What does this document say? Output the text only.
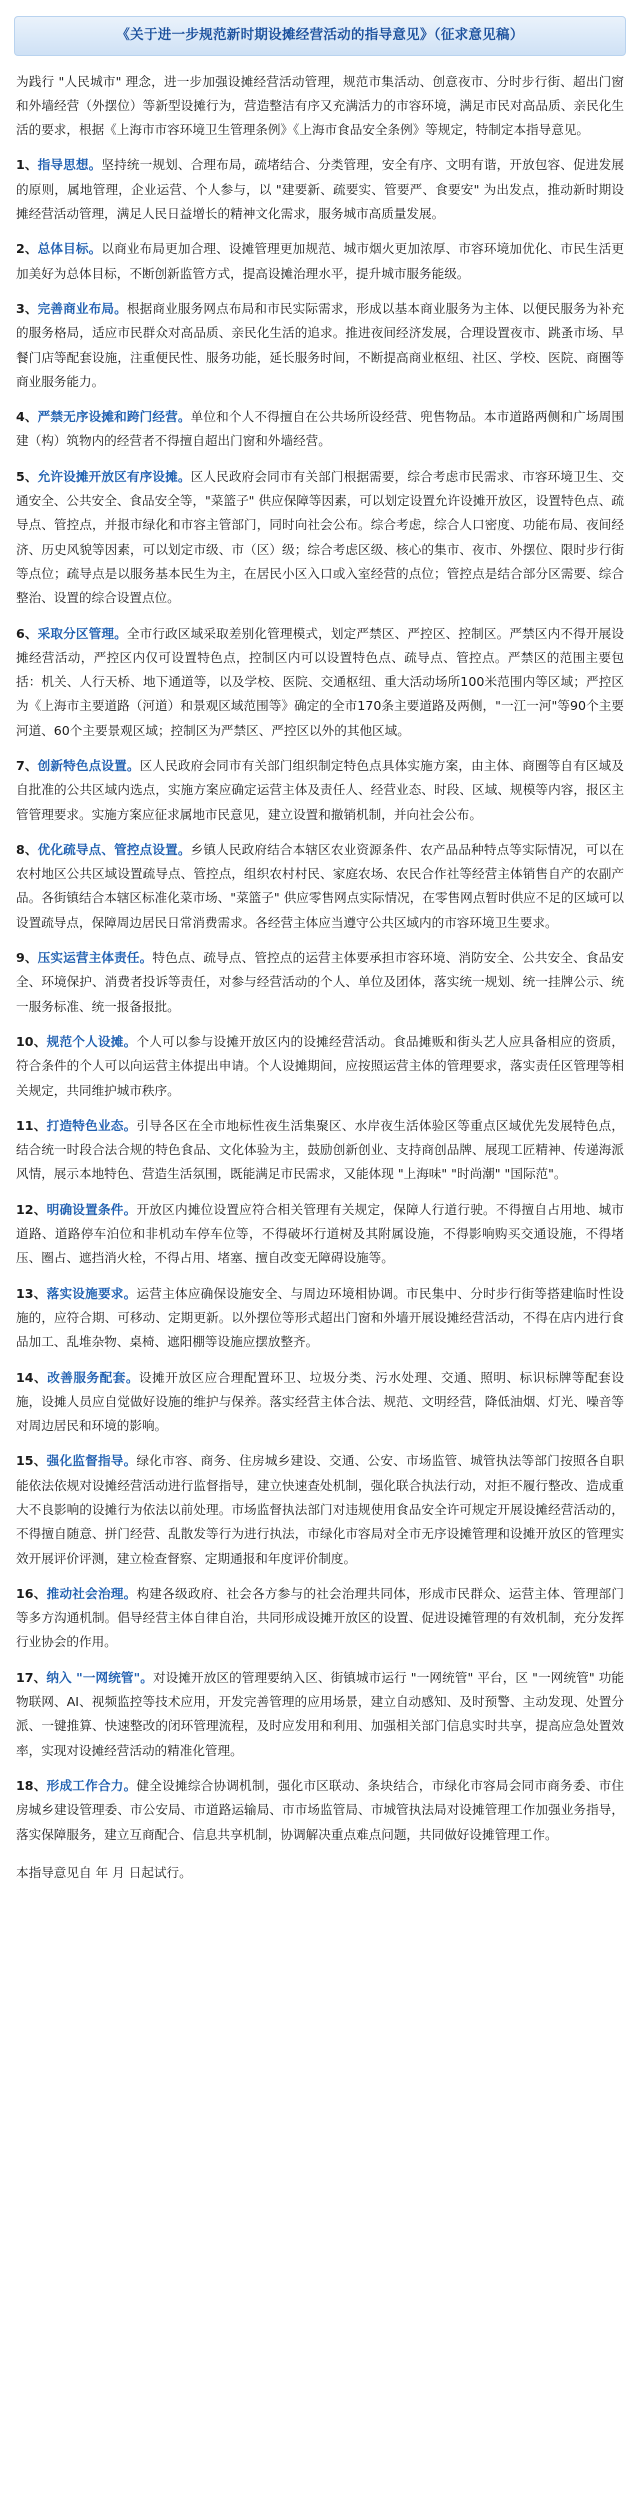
《关于进一步规范新时期设摊经营活动的指导意见》（征求意见稿）

为践行 "人民城市" 理念，进一步加强设摊经营活动管理，规范市集活动、创意夜市、分时步行街、超出门窗和外墙经营（外摆位）等新型设摊行为，营造整洁有序又充满活力的市容环境，满足市民对高品质、亲民化生活的要求，根据《上海市市容环境卫生管理条例》《上海市食品安全条例》等规定，特制定本指导意见。

1、指导思想。坚持统一规划、合理布局，疏堵结合、分类管理，安全有序、文明有谐，开放包容、促进发展的原则，属地管理，企业运营、个人参与，以 "建要新、疏要实、管要严、食要安" 为出发点，推动新时期设摊经营活动管理，满足人民日益增长的精神文化需求，服务城市高质量发展。

2、总体目标。以商业布局更加合理、设摊管理更加规范、城市烟火更加浓厚、市容环境加优化、市民生活更加美好为总体目标，不断创新监管方式，提高设摊治理水平，提升城市服务能级。

3、完善商业布局。根据商业服务网点布局和市民实际需求，形成以基本商业服务为主体、以便民服务为补充的服务格局，适应市民群众对高品质、亲民化生活的追求。推进夜间经济发展，合理设置夜市、跳蚤市场、早餐门店等配套设施，注重便民性、服务功能，延长服务时间，不断提高商业枢纽、社区、学校、医院、商圈等商业服务能力。

4、严禁无序设摊和跨门经营。单位和个人不得擅自在公共场所设经营、兜售物品。本市道路两侧和广场周围建（构）筑物内的经营者不得擅自超出门窗和外墙经营。

5、允许设摊开放区有序设摊。区人民政府会同市有关部门根据需要，综合考虑市民需求、市容环境卫生、交通安全、公共安全、食品安全等，"菜篮子" 供应保障等因素，可以划定设置允许设摊开放区，设置特色点、疏导点、管控点，并报市绿化和市容主管部门，同时向社会公布。综合考虑，综合人口密度、功能布局、夜间经济、历史风貌等因素，可以划定市级、市（区）级；综合考虑区级、核心的集市、夜市、外摆位、限时步行街等点位；疏导点是以服务基本民生为主，在居民小区入口或入室经营的点位；管控点是结合部分区需要、综合整治、设置的综合设置点位。

6、采取分区管理。全市行政区域采取差别化管理模式，划定严禁区、严控区、控制区。严禁区内不得开展设摊经营活动，严控区内仅可设置特色点，控制区内可以设置特色点、疏导点、管控点。严禁区的范围主要包括：机关、人行天桥、地下通道等，以及学校、医院、交通枢纽、重大活动场所100米范围内等区域；严控区为《上海市主要道路（河道）和景观区域范围等》确定的全市170条主要道路及两侧，"一江一河"等90个主要河道、60个主要景观区域；控制区为严禁区、严控区以外的其他区域。

7、创新特色点设置。区人民政府会同市有关部门组织制定特色点具体实施方案，由主体、商圈等自有区域及自批准的公共区域内选点，实施方案应确定运营主体及责任人、经营业态、时段、区域、规模等内容，报区主管管理要求。实施方案应征求属地市民意见，建立设置和撤销机制，并向社会公布。

8、优化疏导点、管控点设置。乡镇人民政府结合本辖区农业资源条件、农产品品种特点等实际情况，可以在农村地区公共区域设置疏导点、管控点，组织农村村民、家庭农场、农民合作社等经营主体销售自产的农副产品。各街镇结合本辖区标准化菜市场、"菜篮子" 供应零售网点实际情况，在零售网点暂时供应不足的区域可以设置疏导点，保障周边居民日常消费需求。各经营主体应当遵守公共区域内的市容环境卫生要求。

9、压实运营主体责任。特色点、疏导点、管控点的运营主体要承担市容环境、消防安全、公共安全、食品安全、环境保护、消费者投诉等责任，对参与经营活动的个人、单位及团体，落实统一规划、统一挂牌公示、统一服务标准、统一报备报批。

10、规范个人设摊。个人可以参与设摊开放区内的设摊经营活动。食品摊贩和街头艺人应具备相应的资质，符合条件的个人可以向运营主体提出申请。个人设摊期间，应按照运营主体的管理要求，落实责任区管理等相关规定，共同维护城市秩序。

11、打造特色业态。引导各区在全市地标性夜生活集聚区、水岸夜生活体验区等重点区域优先发展特色点，结合统一时段合法合规的特色食品、文化体验为主，鼓励创新创业、支持商创品牌、展现工匠精神、传递海派风情，展示本地特色、营造生活氛围，既能满足市民需求，又能体现 "上海味" "时尚潮" "国际范"。

12、明确设置条件。开放区内摊位设置应符合相关管理有关规定，保障人行道行驶。不得擅自占用地、城市道路、道路停车泊位和非机动车停车位等，不得破坏行道树及其附属设施，不得影响购买交通设施，不得堵压、圈占、遮挡消火栓，不得占用、堵塞、擅自改变无障碍设施等。

13、落实设施要求。运营主体应确保设施安全、与周边环境相协调。市民集中、分时步行街等搭建临时性设施的，应符合期、可移动、定期更新。以外摆位等形式超出门窗和外墙开展设摊经营活动，不得在店内进行食品加工、乱堆杂物、桌椅、遮阳棚等设施应摆放整齐。

14、改善服务配套。设摊开放区应合理配置环卫、垃圾分类、污水处理、交通、照明、标识标牌等配套设施，设摊人员应自觉做好设施的维护与保养。落实经营主体合法、规范、文明经营，降低油烟、灯光、噪音等对周边居民和环境的影响。

15、强化监督指导。绿化市容、商务、住房城乡建设、交通、公安、市场监管、城管执法等部门按照各自职能依法依规对设摊经营活动进行监督指导，建立快速查处机制，强化联合执法行动，对拒不履行整改、造成重大不良影响的设摊行为依法以前处理。市场监督执法部门对违规使用食品安全许可规定开展设摊经营活动的，不得擅自随意、拼门经营、乱散发等行为进行执法，市绿化市容局对全市无序设摊管理和设摊开放区的管理实效开展评价评测，建立检查督察、定期通报和年度评价制度。

16、推动社会治理。构建各级政府、社会各方参与的社会治理共同体，形成市民群众、运营主体、管理部门等多方沟通机制。倡导经营主体自律自治，共同形成设摊开放区的设置、促进设摊管理的有效机制，充分发挥行业协会的作用。

17、纳入 "一网统管"。对设摊开放区的管理要纳入区、街镇城市运行 "一网统管" 平台，区 "一网统管" 功能物联网、AI、视频监控等技术应用，开发完善管理的应用场景，建立自动感知、及时预警、主动发现、处置分派、一键推算、快速整改的闭环管理流程，及时应发用和利用、加强相关部门信息实时共享，提高应急处置效率，实现对设摊经营活动的精准化管理。

18、形成工作合力。健全设摊综合协调机制，强化市区联动、条块结合，市绿化市容局会同市商务委、市住房城乡建设管理委、市公安局、市道路运输局、市市场监管局、市城管执法局对设摊管理工作加强业务指导，落实保障服务，建立互商配合、信息共享机制，协调解决重点难点问题，共同做好设摊管理工作。

本指导意见自 年 月 日起试行。
